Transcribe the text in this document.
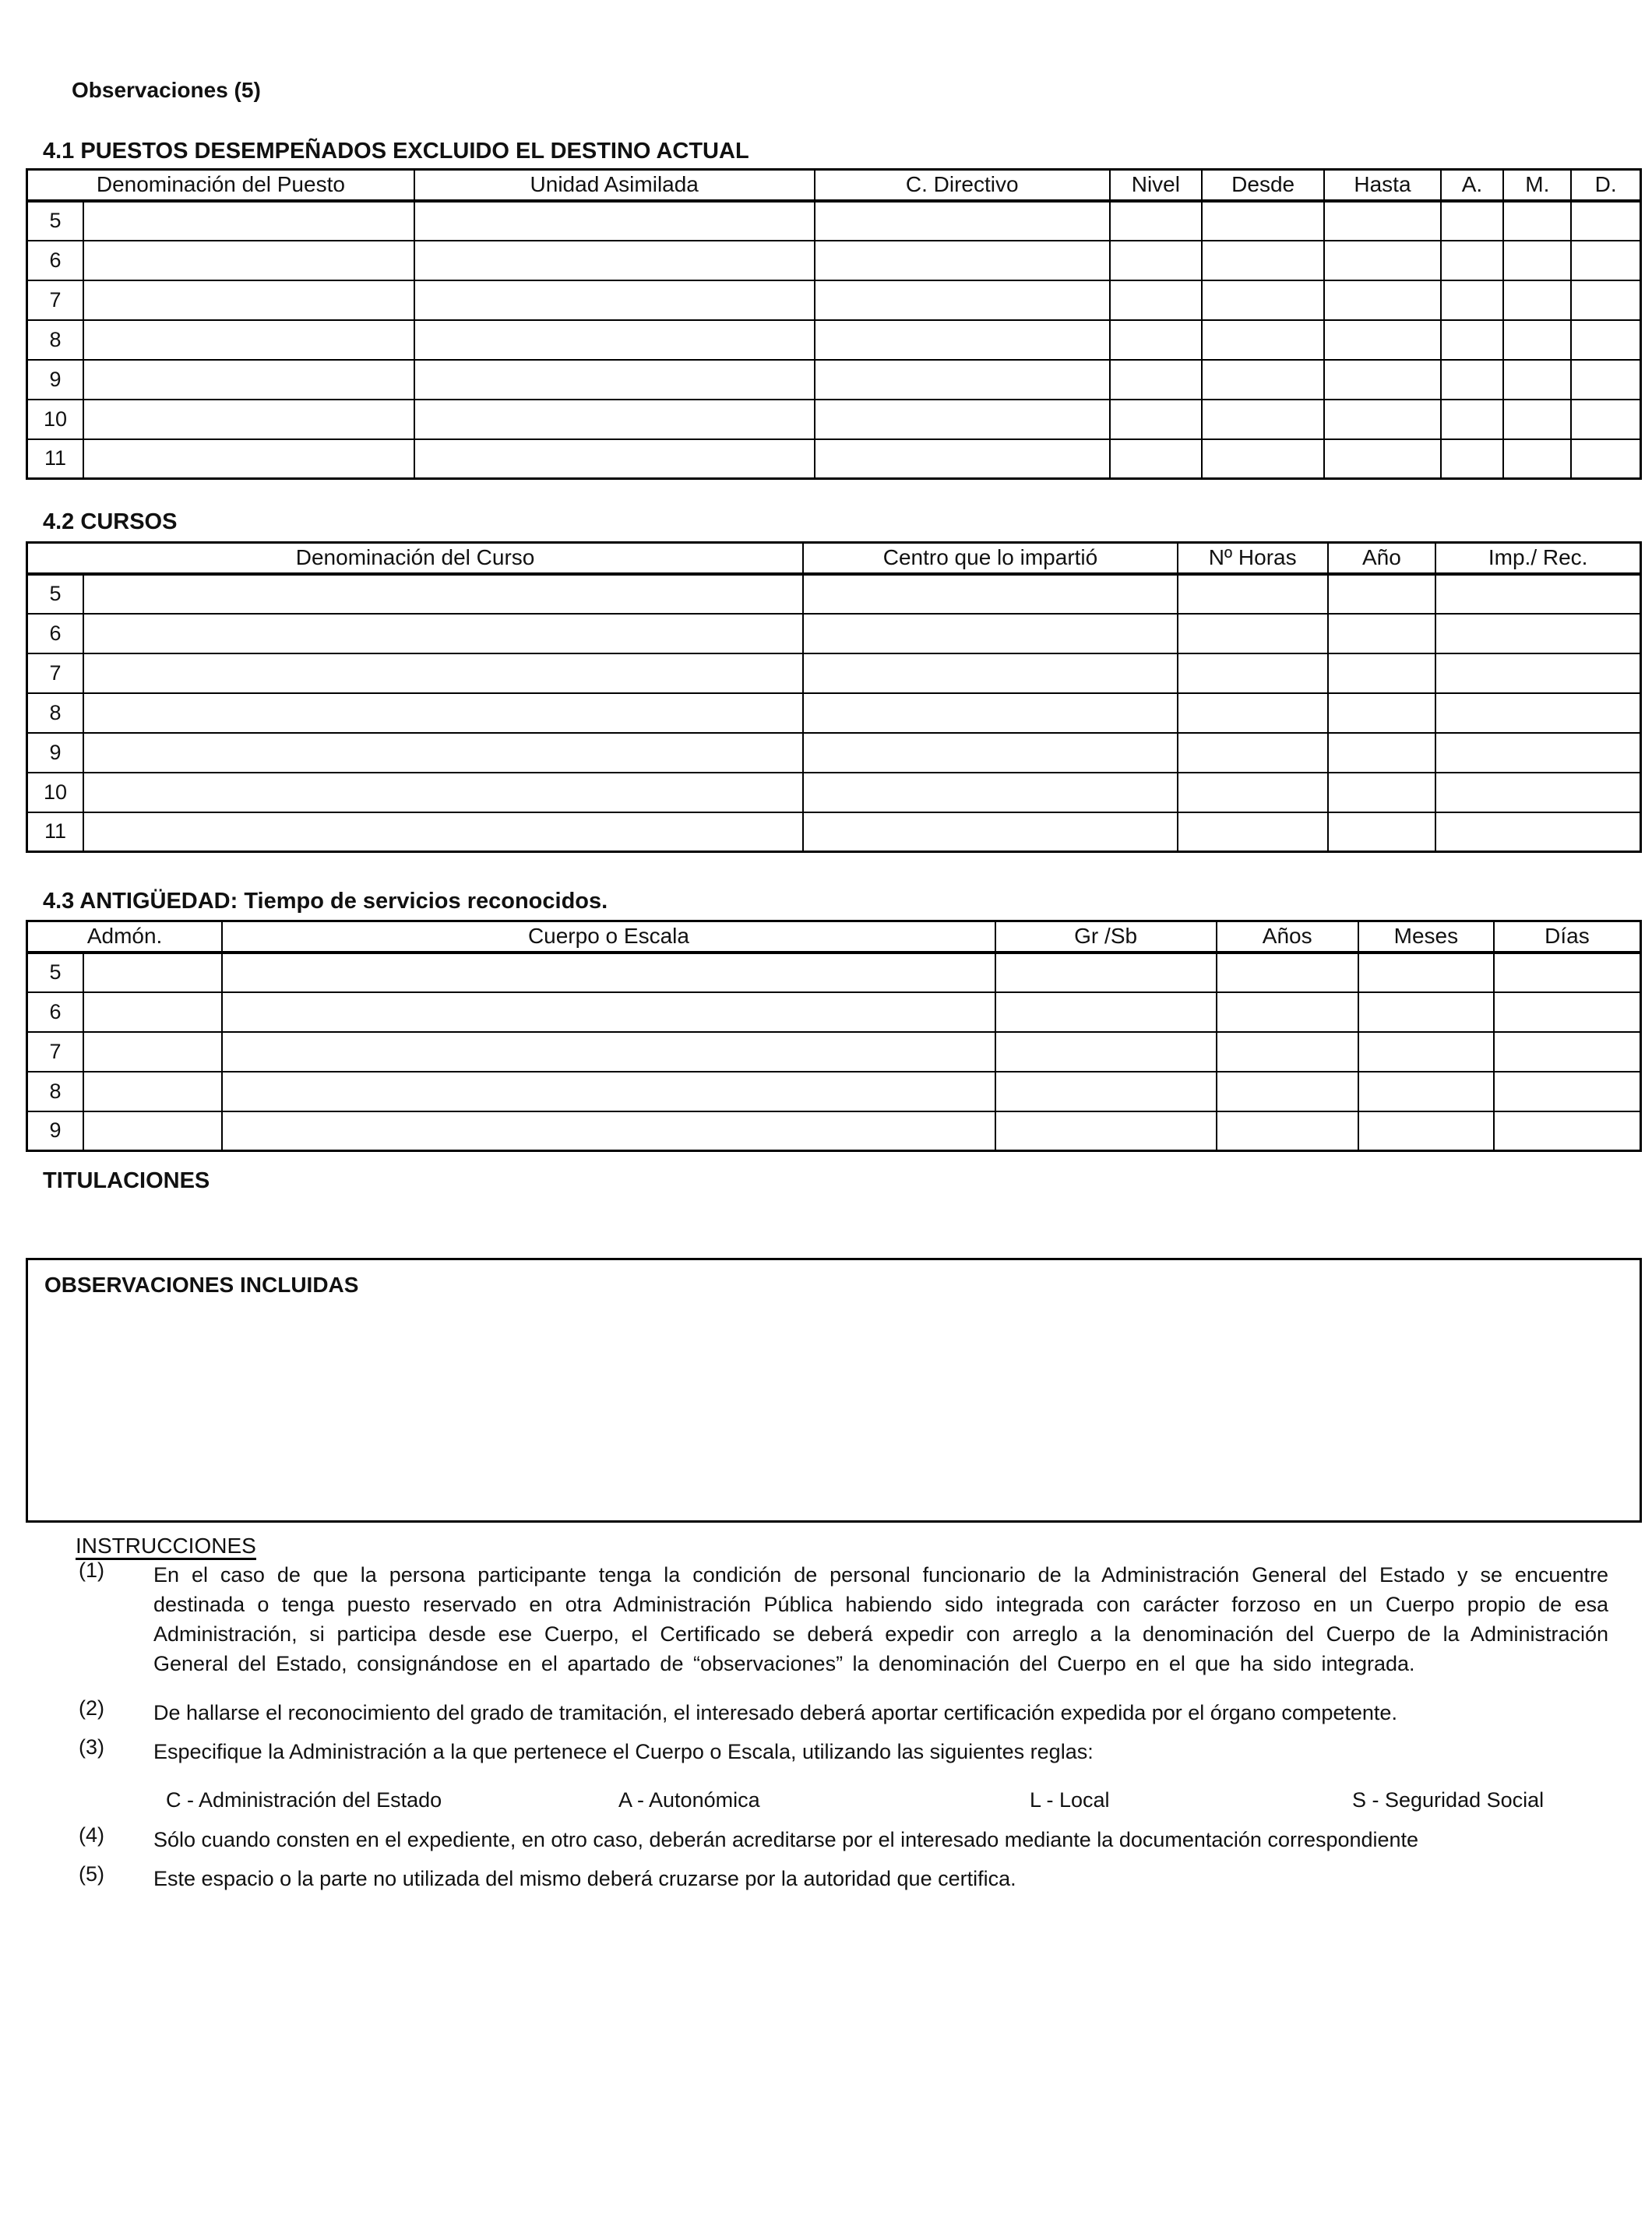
Observaciones (5)
4.1 PUESTOS DESEMPEÑADOS EXCLUIDO EL DESTINO ACTUAL
Denominación del Puesto		Unidad Asimilada	C. Directivo	Nivel	Desde	Hasta	A.	M.	D.
5									
6									
7									
8									
9									
10									
11									
4.2 CURSOS
Denominación del Curso		Centro que lo impartió	Nº Horas	Año	Imp./ Rec.
5					
6					
7					
8					
9					
10					
11					
4.3 ANTIGÜEDAD: Tiempo de servicios reconocidos.
Admón.		Cuerpo o Escala	Gr /Sb	Años	Meses	Días
5						
6						
7						
8						
9						
TITULACIONES
OBSERVACIONES INCLUIDAS
INSTRUCCIONES
(1)	En el caso de que la persona participante tenga la condición de personal funcionario de la Administración General del Estado y se encuentre destinada o tenga puesto reservado en otra Administración Pública habiendo sido integrada con carácter forzoso en un Cuerpo propio de esa Administración, si participa desde ese Cuerpo, el Certificado se deberá expedir con arreglo a la denominación del Cuerpo de la Administración General del Estado, consignándose en el apartado de “observaciones” la denominación del Cuerpo en el que ha sido integrada.
(2)	De hallarse el reconocimiento del grado de tramitación, el interesado deberá aportar certificación expedida por el órgano competente.
(3)	Especifique la Administración a la que pertenece el Cuerpo o Escala, utilizando las siguientes reglas:
C - Administración del Estado	A - Autonómica	L - Local	S - Seguridad Social
(4)	Sólo cuando consten en el expediente, en otro caso, deberán acreditarse por el interesado mediante la documentación correspondiente
(5)	Este espacio o la parte no utilizada del mismo deberá cruzarse por la autoridad que certifica.
